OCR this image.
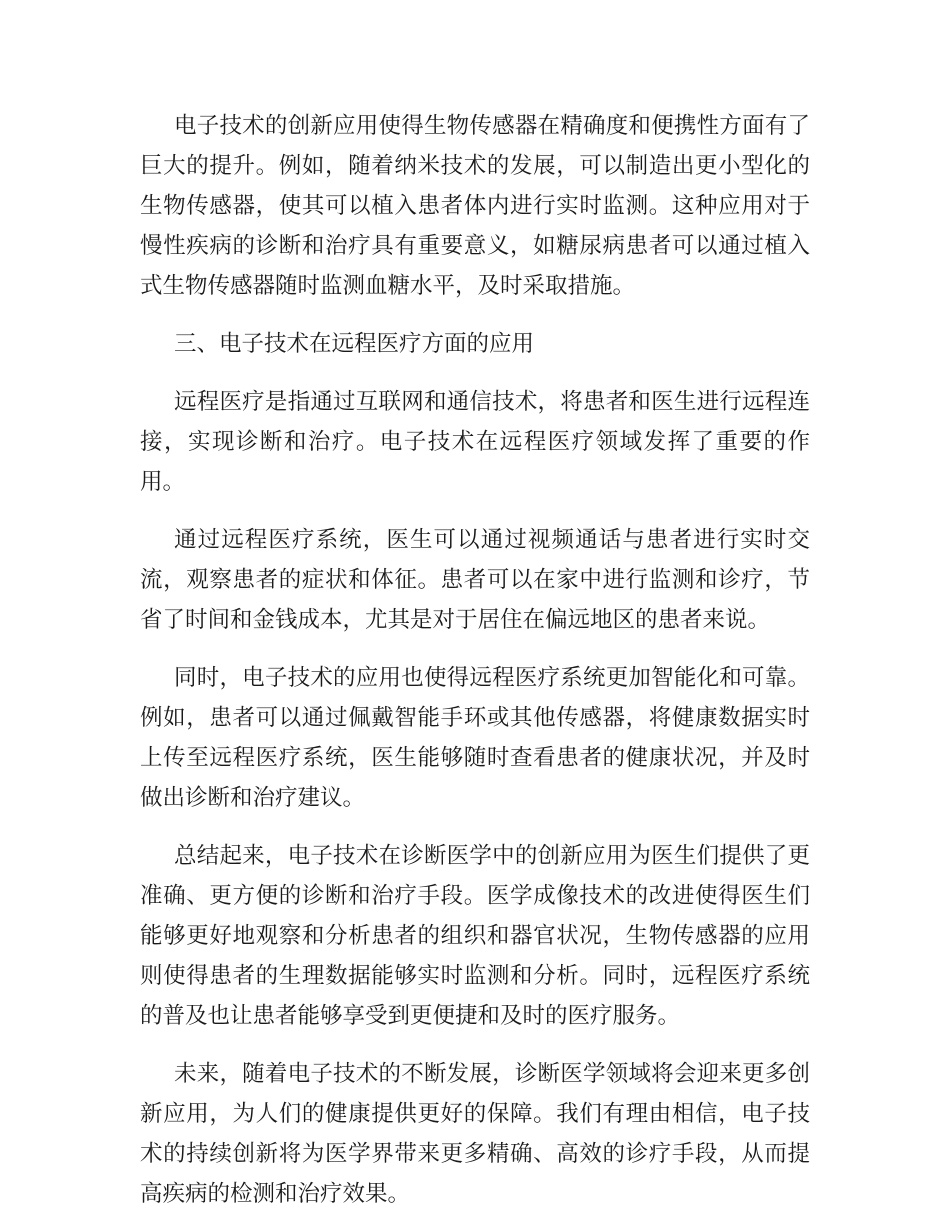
电子技术的创新应用使得生物传感器在精确度和便携性方面有了巨大的提升。例如，随着纳米技术的发展，可以制造出更小型化的生物传感器，使其可以植入患者体内进行实时监测。这种应用对于慢性疾病的诊断和治疗具有重要意义，如糖尿病患者可以通过植入式生物传感器随时监测血糖水平，及时采取措施。

三、电子技术在远程医疗方面的应用

远程医疗是指通过互联网和通信技术，将患者和医生进行远程连接，实现诊断和治疗。电子技术在远程医疗领域发挥了重要的作用。

通过远程医疗系统，医生可以通过视频通话与患者进行实时交流，观察患者的症状和体征。患者可以在家中进行监测和诊疗，节省了时间和金钱成本，尤其是对于居住在偏远地区的患者来说。

同时，电子技术的应用也使得远程医疗系统更加智能化和可靠。例如，患者可以通过佩戴智能手环或其他传感器，将健康数据实时上传至远程医疗系统，医生能够随时查看患者的健康状况，并及时做出诊断和治疗建议。

总结起来，电子技术在诊断医学中的创新应用为医生们提供了更准确、更方便的诊断和治疗手段。医学成像技术的改进使得医生们能够更好地观察和分析患者的组织和器官状况，生物传感器的应用则使得患者的生理数据能够实时监测和分析。同时，远程医疗系统的普及也让患者能够享受到更便捷和及时的医疗服务。

未来，随着电子技术的不断发展，诊断医学领域将会迎来更多创新应用，为人们的健康提供更好的保障。我们有理由相信，电子技术的持续创新将为医学界带来更多精确、高效的诊疗手段，从而提高疾病的检测和治疗效果。
